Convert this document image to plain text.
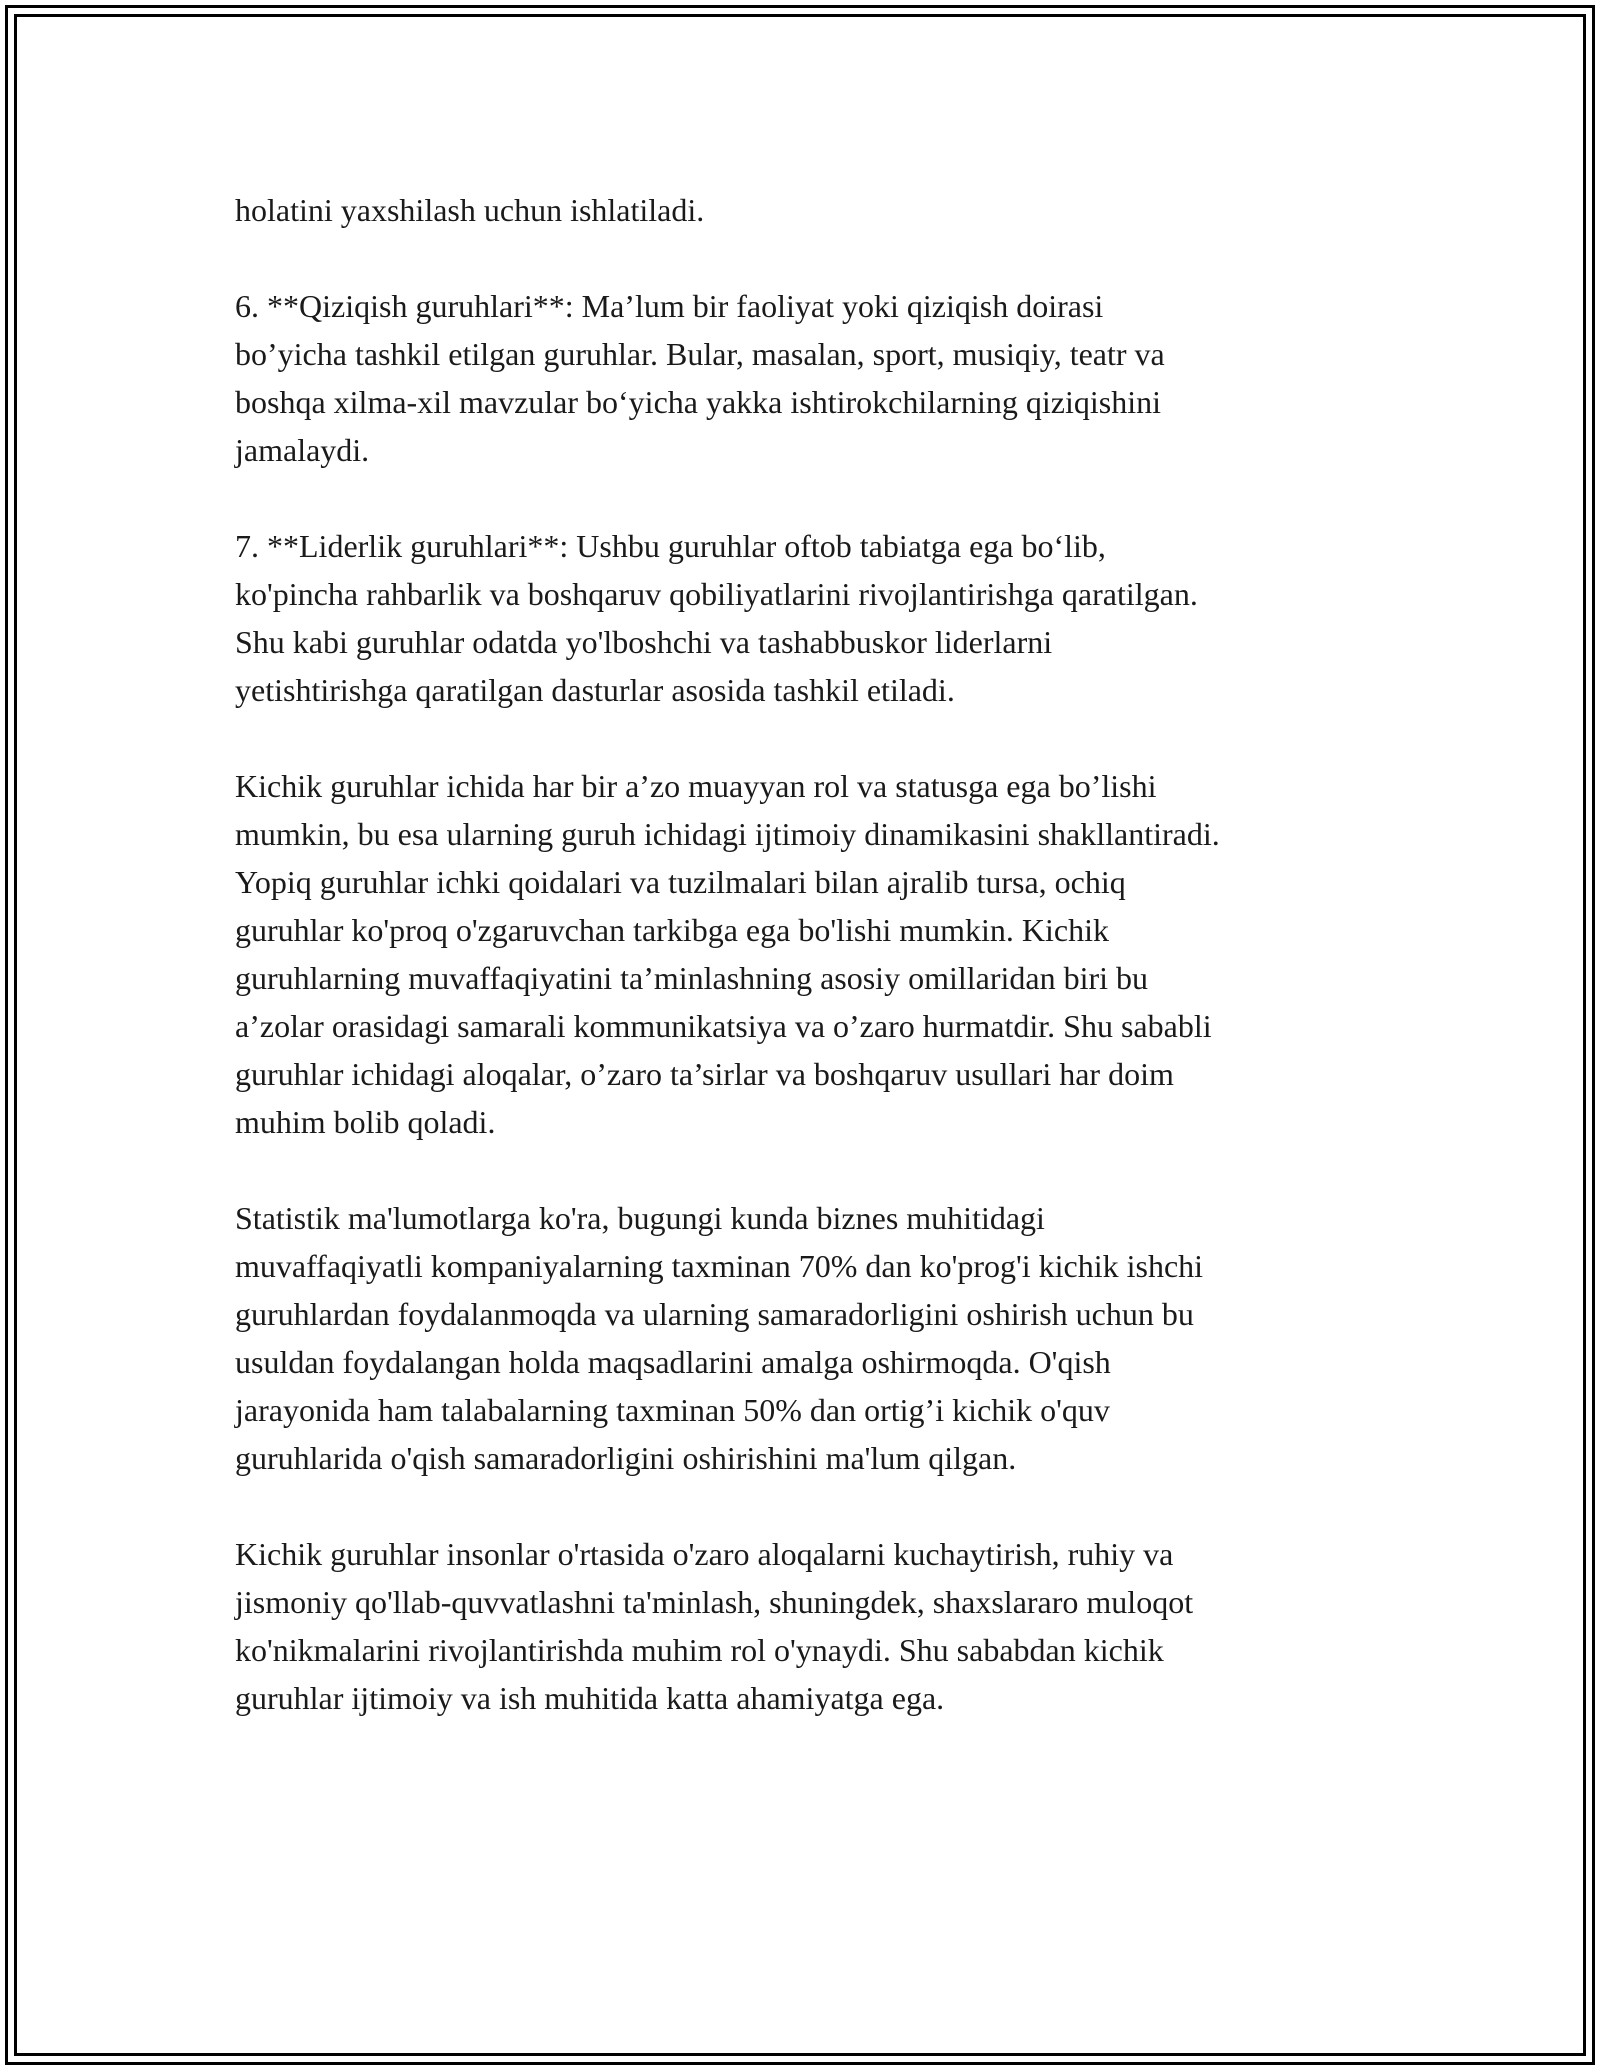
holatini yaxshilash uchun ishlatiladi.

6. **Qiziqish guruhlari**: Ma’lum bir faoliyat yoki qiziqish doirasi
bo’yicha tashkil etilgan guruhlar. Bular, masalan, sport, musiqiy, teatr va
boshqa xilma-xil mavzular bo‘yicha yakka ishtirokchilarning qiziqishini
jamalaydi.

7. **Liderlik guruhlari**: Ushbu guruhlar oftob tabiatga ega bo‘lib,
ko'pincha rahbarlik va boshqaruv qobiliyatlarini rivojlantirishga qaratilgan.
Shu kabi guruhlar odatda yo'lboshchi va tashabbuskor liderlarni
yetishtirishga qaratilgan dasturlar asosida tashkil etiladi.

Kichik guruhlar ichida har bir a’zo muayyan rol va statusga ega bo’lishi
mumkin, bu esa ularning guruh ichidagi ijtimoiy dinamikasini shakllantiradi.
Yopiq guruhlar ichki qoidalari va tuzilmalari bilan ajralib tursa, ochiq
guruhlar ko'proq o'zgaruvchan tarkibga ega bo'lishi mumkin. Kichik
guruhlarning muvaffaqiyatini ta’minlashning asosiy omillaridan biri bu
a’zolar orasidagi samarali kommunikatsiya va o’zaro hurmatdir. Shu sababli
guruhlar ichidagi aloqalar, o’zaro ta’sirlar va boshqaruv usullari har doim
muhim bolib qoladi.

Statistik ma'lumotlarga ko'ra, bugungi kunda biznes muhitidagi
muvaffaqiyatli kompaniyalarning taxminan 70% dan ko'prog'i kichik ishchi
guruhlardan foydalanmoqda va ularning samaradorligini oshirish uchun bu
usuldan foydalangan holda maqsadlarini amalga oshirmoqda. O'qish
jarayonida ham talabalarning taxminan 50% dan ortig’i kichik o'quv
guruhlarida o'qish samaradorligini oshirishini ma'lum qilgan.

Kichik guruhlar insonlar o'rtasida o'zaro aloqalarni kuchaytirish, ruhiy va
jismoniy qo'llab-quvvatlashni ta'minlash, shuningdek, shaxslararo muloqot
ko'nikmalarini rivojlantirishda muhim rol o'ynaydi. Shu sababdan kichik
guruhlar ijtimoiy va ish muhitida katta ahamiyatga ega.
